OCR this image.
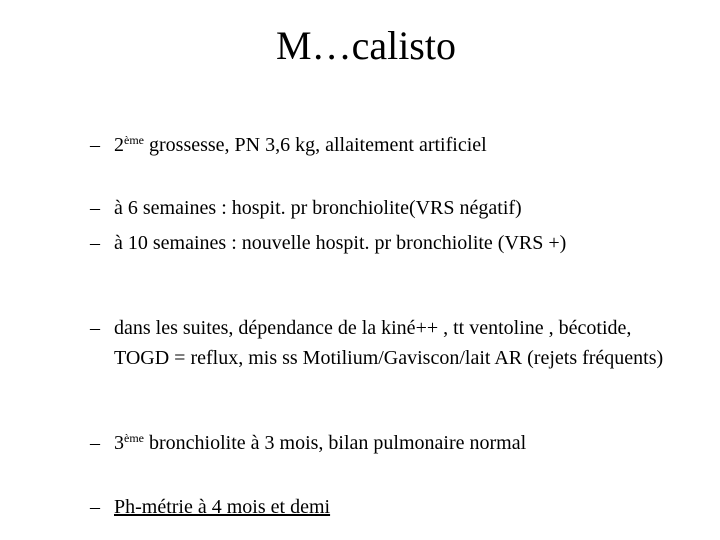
M…calisto
– 2ème grossesse, PN 3,6 kg, allaitement artificiel
– à 6 semaines : hospit. pr bronchiolite(VRS négatif)
– à 10 semaines : nouvelle hospit. pr bronchiolite (VRS +)
– dans les suites, dépendance de la kiné++ , tt ventoline , bécotide, TOGD = reflux, mis ss Motilium/Gaviscon/lait AR (rejets fréquents)
– 3ème bronchiolite à 3 mois, bilan pulmonaire normal
– Ph-métrie à 4 mois et demi
